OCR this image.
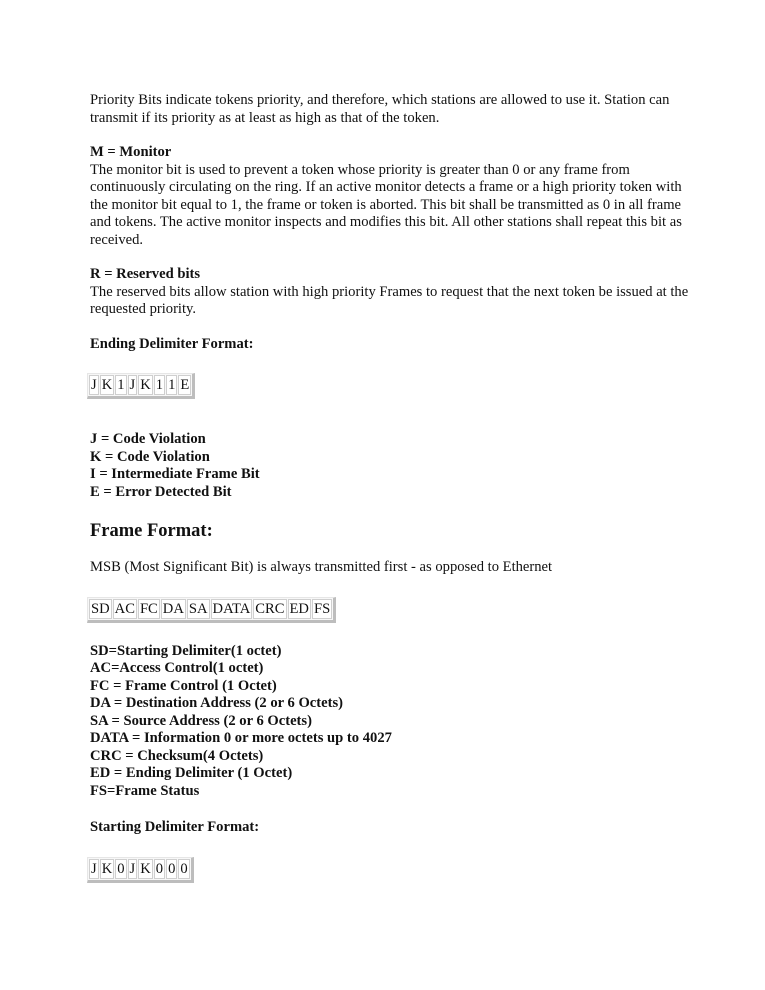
Priority Bits indicate tokens priority, and therefore, which stations are allowed to use it. Station can transmit if its priority as at least as high as that of the token.

M = Monitor

The monitor bit is used to prevent a token whose priority is greater than 0 or any frame from continuously circulating on the ring. If an active monitor detects a frame or a high priority token with the monitor bit equal to 1, the frame or token is aborted. This bit shall be transmitted as 0 in all frame and tokens. The active monitor inspects and modifies this bit. All other stations shall repeat this bit as received.

R = Reserved bits

The reserved bits allow station with high priority Frames to request that the next token be issued at the requested priority.

Ending Delimiter Format:

J	K	1	J	K	1	1	E

J = Code Violation

K = Code Violation

I = Intermediate Frame Bit

E = Error Detected Bit

Frame Format:

MSB (Most Significant Bit) is always transmitted first - as opposed to Ethernet

SD	AC	FC	DA	SA	DATA	CRC	ED	FS

SD=Starting Delimiter(1 octet)

AC=Access Control(1 octet)

FC = Frame Control (1 Octet)

DA = Destination Address (2 or 6 Octets)

SA = Source Address (2 or 6 Octets)

DATA = Information 0 or more octets up to 4027

CRC = Checksum(4 Octets)

ED = Ending Delimiter (1 Octet)

FS=Frame Status

Starting Delimiter Format:

J	K	0	J	K	0	0	0
